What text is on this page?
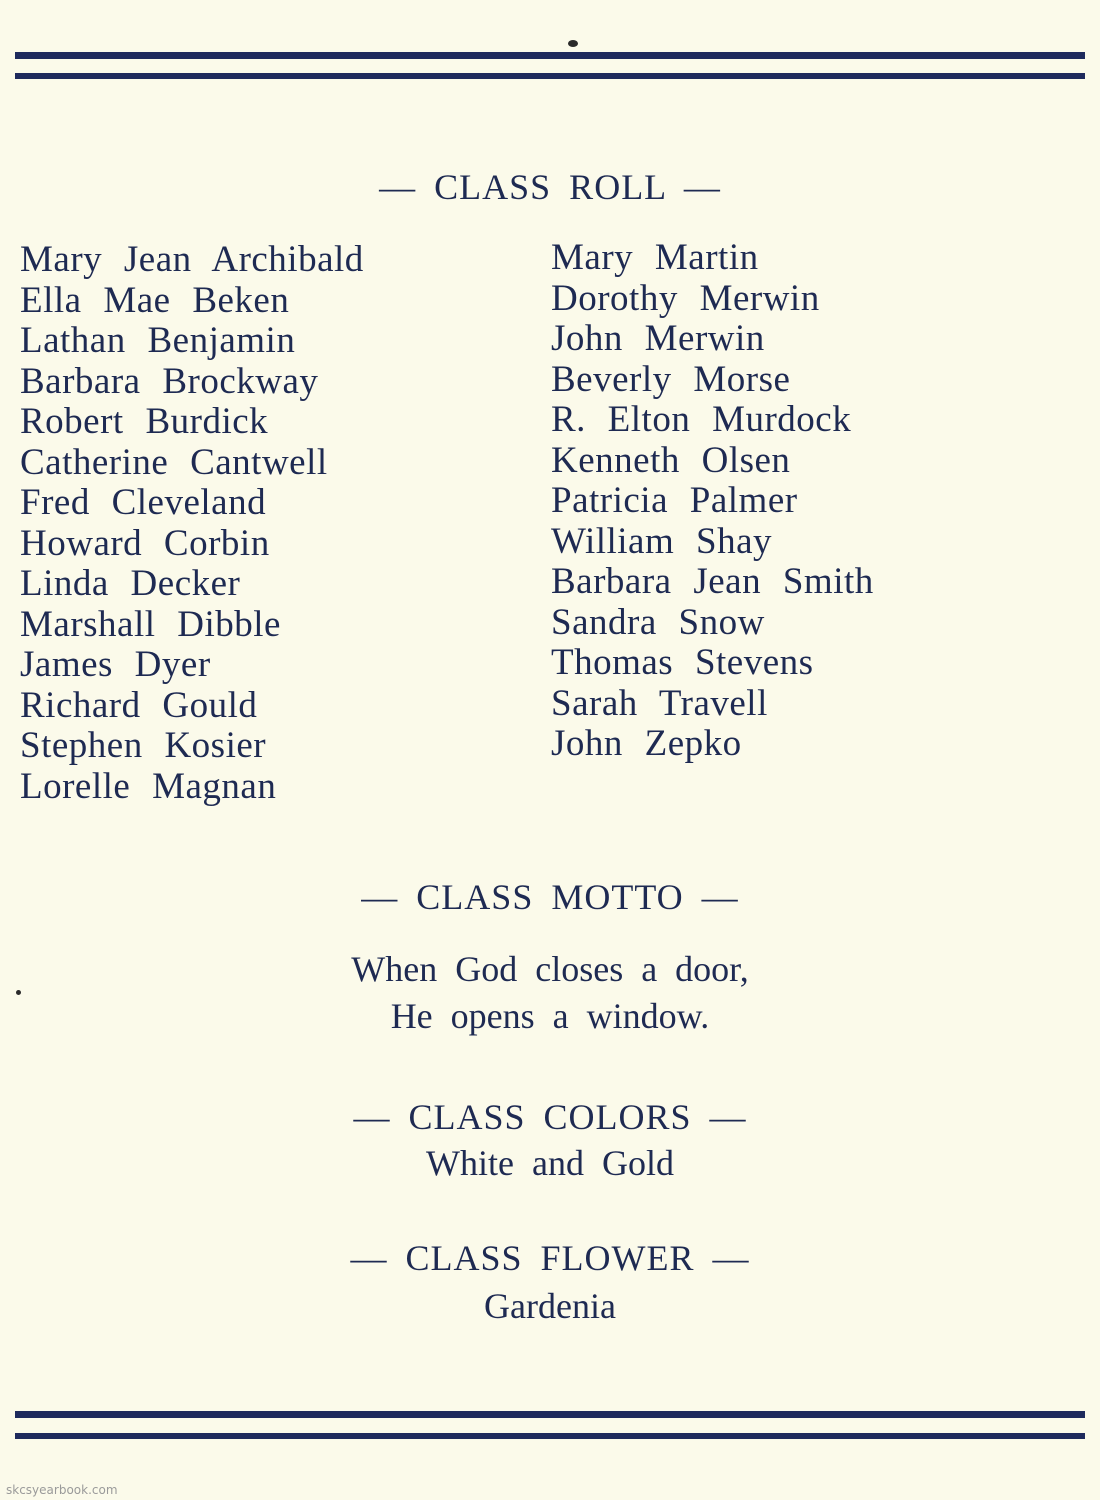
— CLASS ROLL —
Mary Jean Archibald
Ella Mae Beken
Lathan Benjamin
Barbara Brockway
Robert Burdick
Catherine Cantwell
Fred Cleveland
Howard Corbin
Linda Decker
Marshall Dibble
James Dyer
Richard Gould
Stephen Kosier
Lorelle Magnan
Mary Martin
Dorothy Merwin
John Merwin
Beverly Morse
R. Elton Murdock
Kenneth Olsen
Patricia Palmer
William Shay
Barbara Jean Smith
Sandra Snow
Thomas Stevens
Sarah Travell
John Zepko
— CLASS MOTTO —

When God closes a door,

He opens a window.

— CLASS COLORS —

White and Gold

— CLASS FLOWER —

Gardenia

skcsyearbook.com
